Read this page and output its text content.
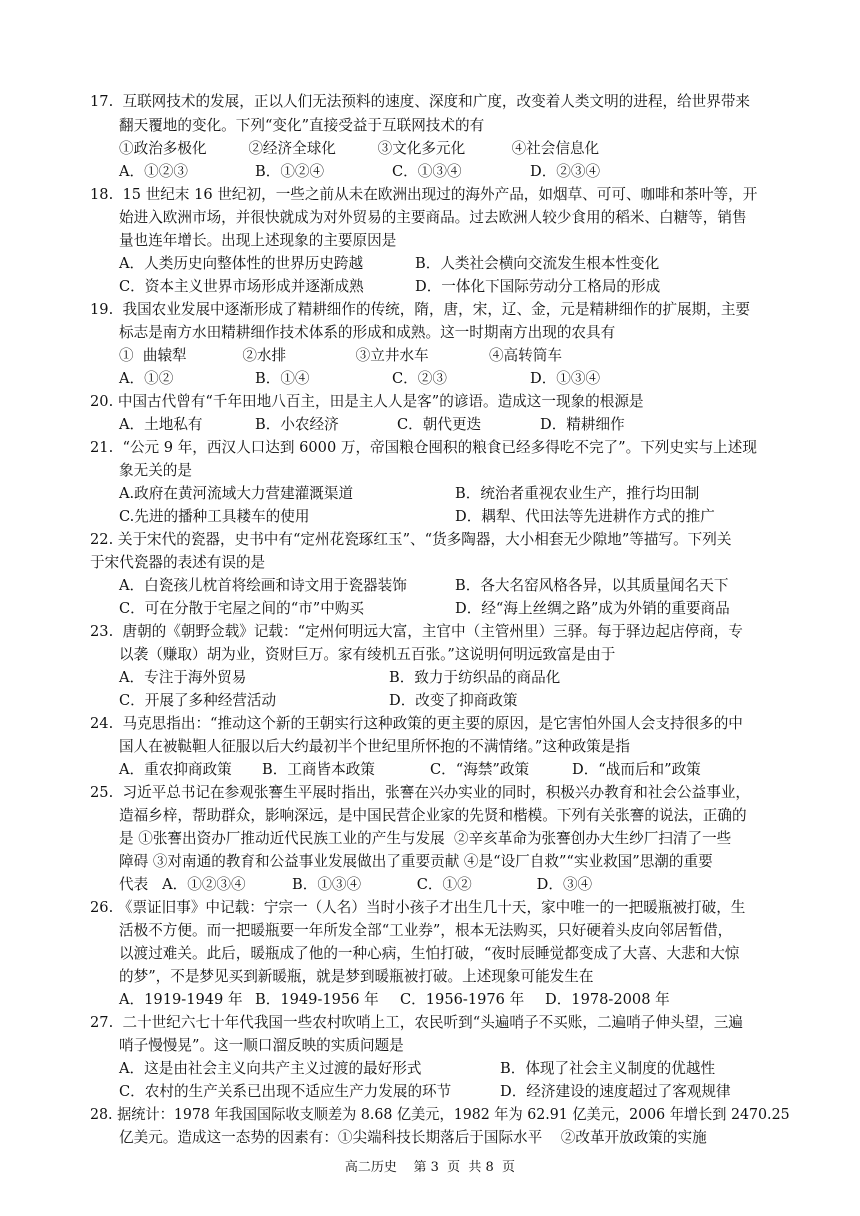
17.  互联网技术的发展，正以人们无法预料的速度、深度和广度，改变着人类文明的进程，给世界带来
翻天覆地的变化。下列“变化”直接受益于互联网技术的有
①政治多极化         ②经济全球化         ③文化多元化          ④社会信息化
A．①②③	B．①②④	C．①③④	D．②③④
18.  15 世纪末 16 世纪初，一些之前从未在欧洲出现过的海外产品，如烟草、可可、咖啡和茶叶等，开
始进入欧洲市场，并很快就成为对外贸易的主要商品。过去欧洲人较少食用的稻米、白糖等，销售
量也连年增长。出现上述现象的主要原因是
A．人类历史向整体性的世界历史跨越	B．人类社会横向交流发生根本性变化
C．资本主义世界市场形成并逐渐成熟	D．一体化下国际劳动分工格局的形成
19.  我国农业发展中逐渐形成了精耕细作的传统，隋，唐，宋，辽、金，元是精耕细作的扩展期，主要
标志是南方水田精耕细作技术体系的形成和成熟。这一时期南方出现的农具有
①  曲辕犁            ②水排               ③立井水车             ④高转筒车
A．①②	B．①④	C．②③	D．①③④
20. 中国古代曾有“千年田地八百主，田是主人人是客”的谚语。造成这一现象的根源是
A．土地私有	B．小农经济	C．朝代更迭	D．精耕细作
21.  “公元 9 年，西汉人口达到 6000 万，帝国粮仓囤积的粮食已经多得吃不完了”。下列史实与上述现
象无关的是
A.政府在黄河流域大力营建灌溉渠道	B．统治者重视农业生产，推行均田制
C.先进的播种工具耧车的使用	D．耦犁、代田法等先进耕作方式的推广
22. 关于宋代的瓷器，史书中有“定州花瓷琢红玉”、“货多陶器，大小相套无少隙地”等描写。下列关
于宋代瓷器的表述有误的是
A．白瓷孩儿枕首将绘画和诗文用于瓷器装饰	B．各大名窑风格各异，以其质量闻名天下
C．可在分散于宅屋之间的“市”中购买	D．经“海上丝绸之路”成为外销的重要商品
23.  唐朝的《朝野佥载》记载：“定州何明远大富，主官中（主管州里）三驿。每于驿边起店停商，专
以袭（赚取）胡为业，资财巨万。家有绫机五百张。”这说明何明远致富是由于
A．专注于海外贸易	B．致力于纺织品的商品化
C．开展了多种经营活动	D．改变了抑商政策
24.  马克思指出：“推动这个新的王朝实行这种政策的更主要的原因，是它害怕外国人会支持很多的中
国人在被鞑靼人征服以后大约最初半个世纪里所怀抱的不满情绪。”这种政策是指
A．重农抑商政策 B．工商皆本政策	C．“海禁”政策	D．“战而后和”政策
25.  习近平总书记在参观张謇生平展时指出，张謇在兴办实业的同时，积极兴办教育和社会公益事业，
造福乡梓，帮助群众，影响深远，是中国民营企业家的先贤和楷模。下列有关张謇的说法，正确的
是 ①张謇出资办厂推动近代民族工业的产生与发展  ②辛亥革命为张謇创办大生纱厂扫清了一些
障碍 ③对南通的教育和公益事业发展做出了重要贡献 ④是“设厂自救”“实业救国”思潮的重要
代表   A．①②③④          B．①③④            C．①②              D．③④
26. 《票证旧事》中记载：宁宗一（人名）当时小孩子才出生几十天，家中唯一的一把暖瓶被打破，生
活极不方便。而一把暖瓶要一年所发全部“工业券”，根本无法购买，只好硬着头皮向邻居暂借，
以渡过难关。此后，暖瓶成了他的一种心病，生怕打破，“夜时辰睡觉都变成了大喜、大悲和大惊
的梦”，不是梦见买到新暖瓶，就是梦到暖瓶被打破。上述现象可能发生在
A．1919-1949 年 B．1949-1956 年 C．1956-1976 年 D．1978-2008 年
27.  二十世纪六七十年代我国一些农村吹哨上工，农民听到“头遍哨子不买账，二遍哨子伸头望，三遍
哨子慢慢晃”。这一顺口溜反映的实质问题是
A．这是由社会主义向共产主义过渡的最好形式	B．体现了社会主义制度的优越性
C．农村的生产关系已出现不适应生产力发展的环节	D．经济建设的速度超过了客观规律
28. 据统计：1978 年我国国际收支顺差为 8.68 亿美元，1982 年为 62.91 亿美元，2006 年增长到 2470.25
亿美元。造成这一态势的因素有：①尖端科技长期落后于国际水平    ②改革开放政策的实施
高二历史    第 3  页  共 8  页
